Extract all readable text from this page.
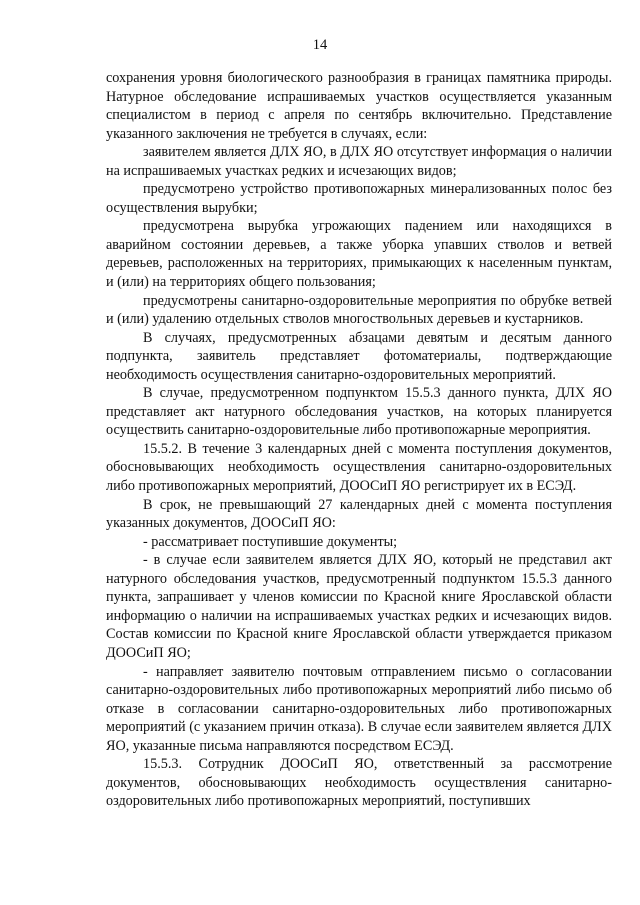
14

сохранения уровня биологического разнообразия в границах памятника природы. Натурное обследование испрашиваемых участков осуществляется указанным специалистом в период с апреля по сентябрь включительно. Представление указанного заключения не требуется в случаях, если:

заявителем является ДЛХ ЯО, в ДЛХ ЯО отсутствует информация о наличии на испрашиваемых участках редких и исчезающих видов;

предусмотрено устройство противопожарных минерализованных полос без осуществления вырубки;

предусмотрена вырубка угрожающих падением или находящихся в аварийном состоянии деревьев, а также уборка упавших стволов и ветвей деревьев, расположенных на территориях, примыкающих к населенным пунктам, и (или) на территориях общего пользования;

предусмотрены санитарно-оздоровительные мероприятия по обрубке ветвей и (или) удалению отдельных стволов многоствольных деревьев и кустарников.

В случаях, предусмотренных абзацами девятым и десятым данного подпункта, заявитель представляет фотоматериалы, подтверждающие необходимость осуществления санитарно-оздоровительных мероприятий.

В случае, предусмотренном подпунктом 15.5.3 данного пункта, ДЛХ ЯО представляет акт натурного обследования участков, на которых планируется осуществить санитарно-оздоровительные либо противопожарные мероприятия.

15.5.2. В течение 3 календарных дней с момента поступления документов, обосновывающих необходимость осуществления санитарно-оздоровительных либо противопожарных мероприятий, ДООСиП ЯО регистрирует их в ЕСЭД.

В срок, не превышающий 27 календарных дней с момента поступления указанных документов, ДООСиП ЯО:

- рассматривает поступившие документы;

- в случае если заявителем является ДЛХ ЯО, который не представил акт натурного обследования участков, предусмотренный подпунктом 15.5.3 данного пункта, запрашивает у членов комиссии по Красной книге Ярославской области информацию о наличии на испрашиваемых участках редких и исчезающих видов. Состав комиссии по Красной книге Ярославской области утверждается приказом ДООСиП ЯО;

- направляет заявителю почтовым отправлением письмо о согласовании санитарно-оздоровительных либо противопожарных мероприятий либо письмо об отказе в согласовании санитарно-оздоровительных либо противопожарных мероприятий (с указанием причин отказа). В случае если заявителем является ДЛХ ЯО, указанные письма направляются посредством ЕСЭД.

15.5.3. Сотрудник ДООСиП ЯО, ответственный за рассмотрение документов, обосновывающих необходимость осуществления санитарно-оздоровительных либо противопожарных мероприятий, поступивших
